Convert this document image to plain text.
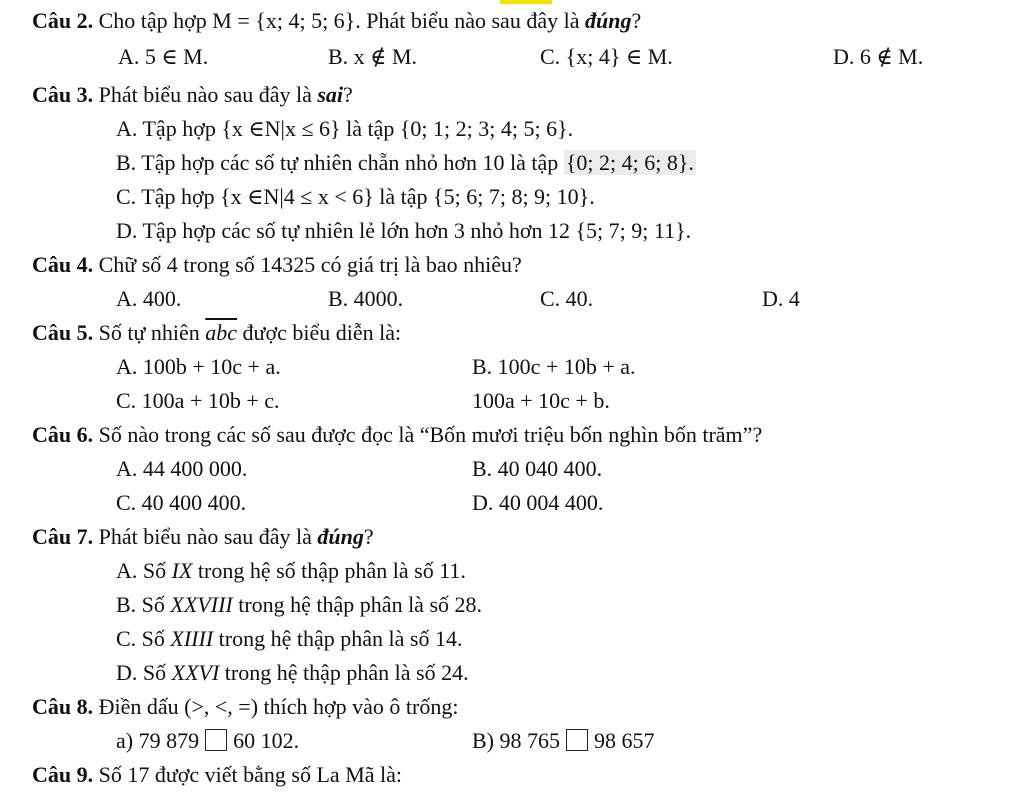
Câu 2. Cho tập hợp M = {x; 4; 5; 6}. Phát biểu nào sau đây là đúng?
A. 5 ∈ M.	B. x ∉ M.	C. {x; 4} ∈ M.	D. 6 ∉ M.
Câu 3. Phát biểu nào sau đây là sai?
A. Tập hợp {x ∈N|x ≤ 6} là tập {0; 1; 2; 3; 4; 5; 6}.
B. Tập hợp các số tự nhiên chẵn nhỏ hơn 10 là tập {0; 2; 4; 6; 8}.
C. Tập hợp {x ∈N|4 ≤ x < 6} là tập {5; 6; 7; 8; 9; 10}.
D. Tập hợp các số tự nhiên lẻ lớn hơn 3 nhỏ hơn 12 {5; 7; 9; 11}.
Câu 4. Chữ số 4 trong số 14325 có giá trị là bao nhiêu?
A. 400.	B. 4000.	C. 40.	D. 4
Câu 5. Số tự nhiên $\overline{abc}$ được biểu diễn là:
A. 100b + 10c + a.	B. 100c + 10b + a.
C. 100a + 10b + c.	100a + 10c + b.
Câu 6. Số nào trong các số sau được đọc là “Bốn mươi triệu bốn nghìn bốn trăm”?
A. 44 400 000.	B. 40 040 400.
C. 40 400 400.	D. 40 004 400.
Câu 7. Phát biểu nào sau đây là đúng?
A. Số IX trong hệ số thập phân là số 11.
B. Số XXVIII trong hệ thập phân là số 28.
C. Số XIIII trong hệ thập phân là số 14.
D. Số XXVI trong hệ thập phân là số 24.
Câu 8. Điền dấu (>, <, =) thích hợp vào ô trống:
a) 79 879 60 102.	B) 98 765 98 657
Câu 9. Số 17 được viết bằng số La Mã là:
